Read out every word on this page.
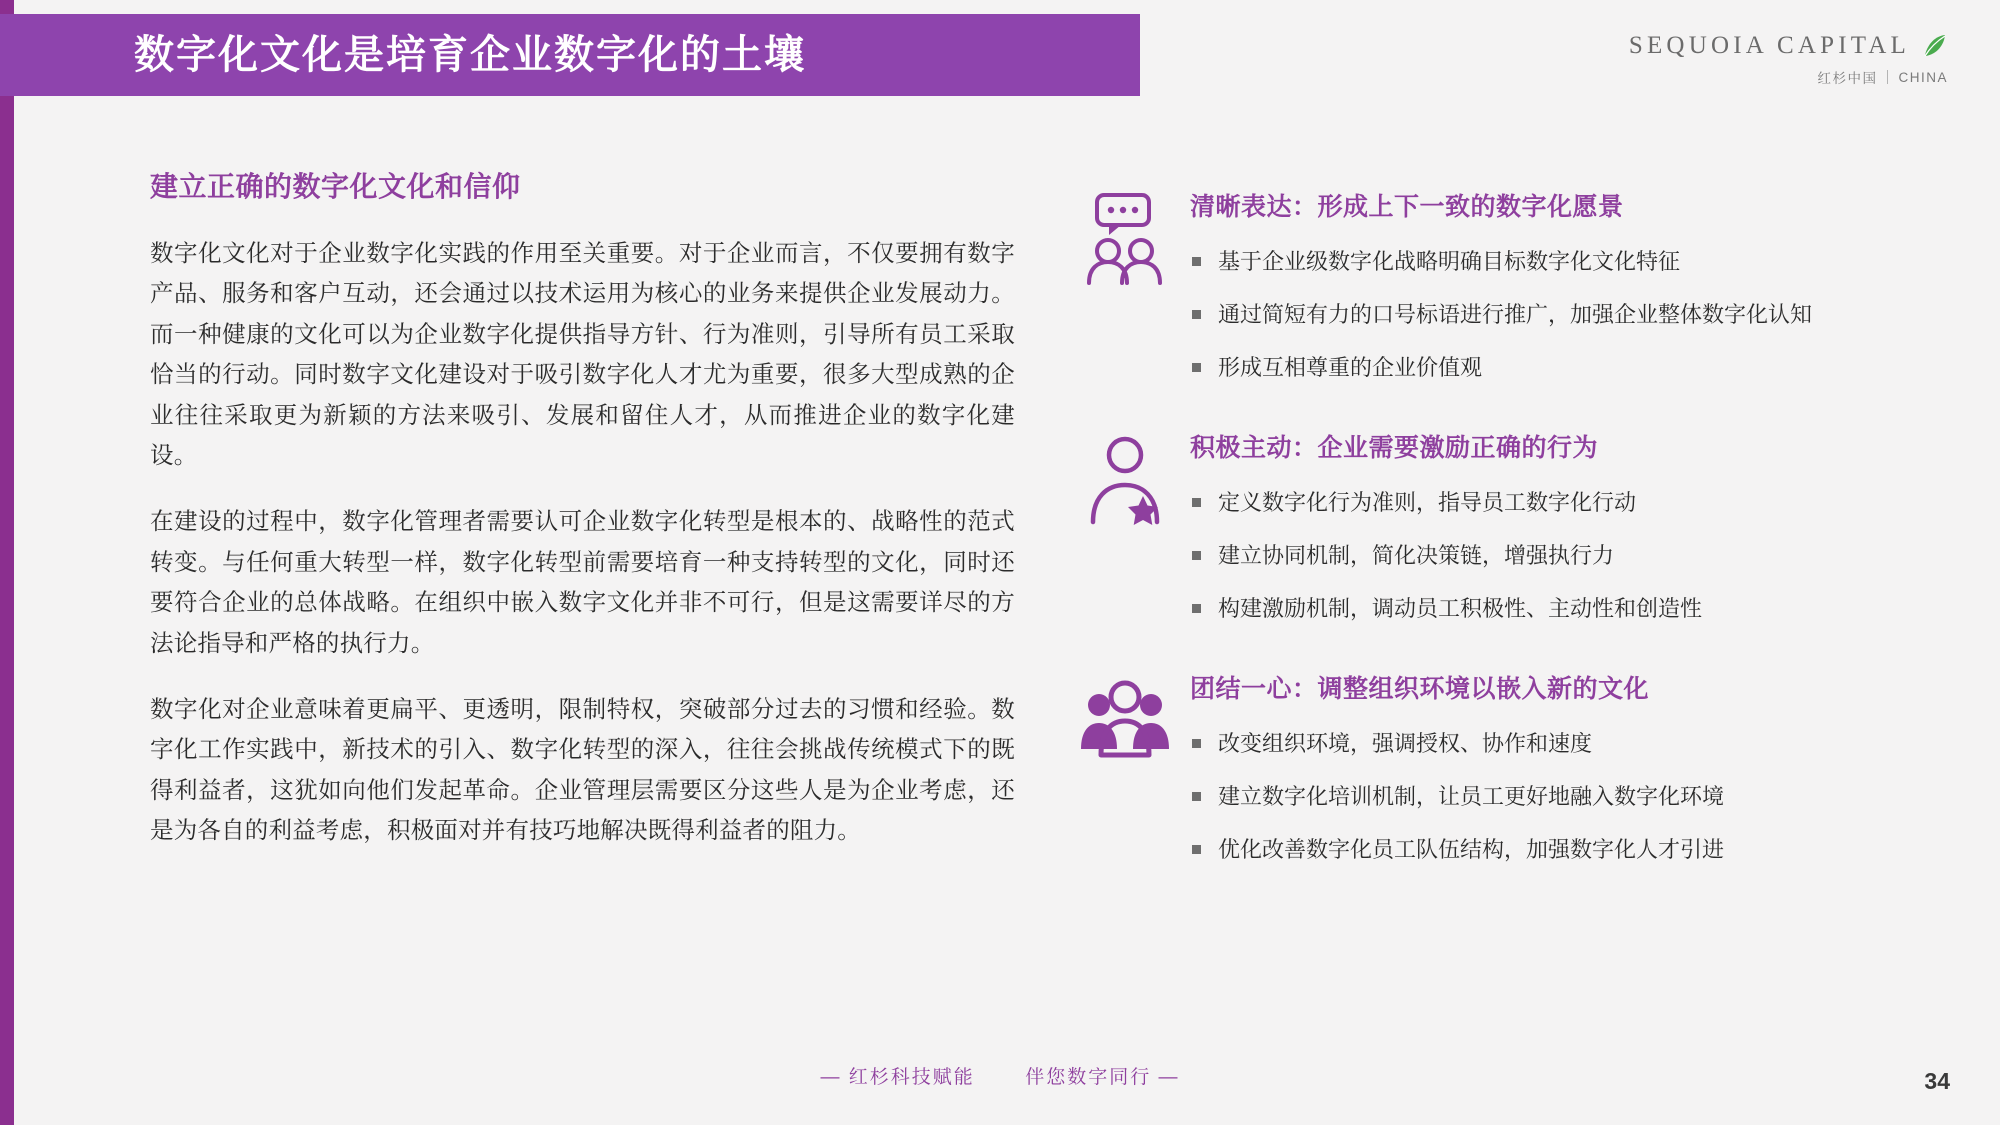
数字化文化是培育企业数字化的土壤	SEQUOIA CAPITAL
红杉中国 CHINA
建立正确的数字化文化和信仰

数字化文化对于企业数字化实践的作用至关重要。对于企业而言，不仅要拥有数字产品、服务和客户互动，还会通过以技术运用为核心的业务来提供企业发展动力。而一种健康的文化可以为企业数字化提供指导方针、行为准则，引导所有员工采取恰当的行动。同时数字文化建设对于吸引数字化人才尤为重要，很多大型成熟的企业往往采取更为新颖的方法来吸引、发展和留住人才，从而推进企业的数字化建设。

在建设的过程中，数字化管理者需要认可企业数字化转型是根本的、战略性的范式转变。与任何重大转型一样，数字化转型前需要培育一种支持转型的文化，同时还要符合企业的总体战略。在组织中嵌入数字文化并非不可行，但是这需要详尽的方法论指导和严格的执行力。

数字化对企业意味着更扁平、更透明，限制特权，突破部分过去的习惯和经验。数字化工作实践中，新技术的引入、数字化转型的深入，往往会挑战传统模式下的既得利益者，这犹如向他们发起革命。企业管理层需要区分这些人是为企业考虑，还是为各自的利益考虑，积极面对并有技巧地解决既得利益者的阻力。

清晰表达：形成上下一致的数字化愿景
基于企业级数字化战略明确目标数字化文化特征
通过简短有力的口号标语进行推广，加强企业整体数字化认知
形成互相尊重的企业价值观
积极主动：企业需要激励正确的行为
定义数字化行为准则，指导员工数字化行动
建立协同机制，简化决策链，增强执行力
构建激励机制，调动员工积极性、主动性和创造性
团结一心：调整组织环境以嵌入新的文化
改变组织环境，强调授权、协作和速度
建立数字化培训机制，让员工更好地融入数字化环境
优化改善数字化员工队伍结构，加强数字化人才引进
— 红杉科技赋能	伴您数字同行 —	34
